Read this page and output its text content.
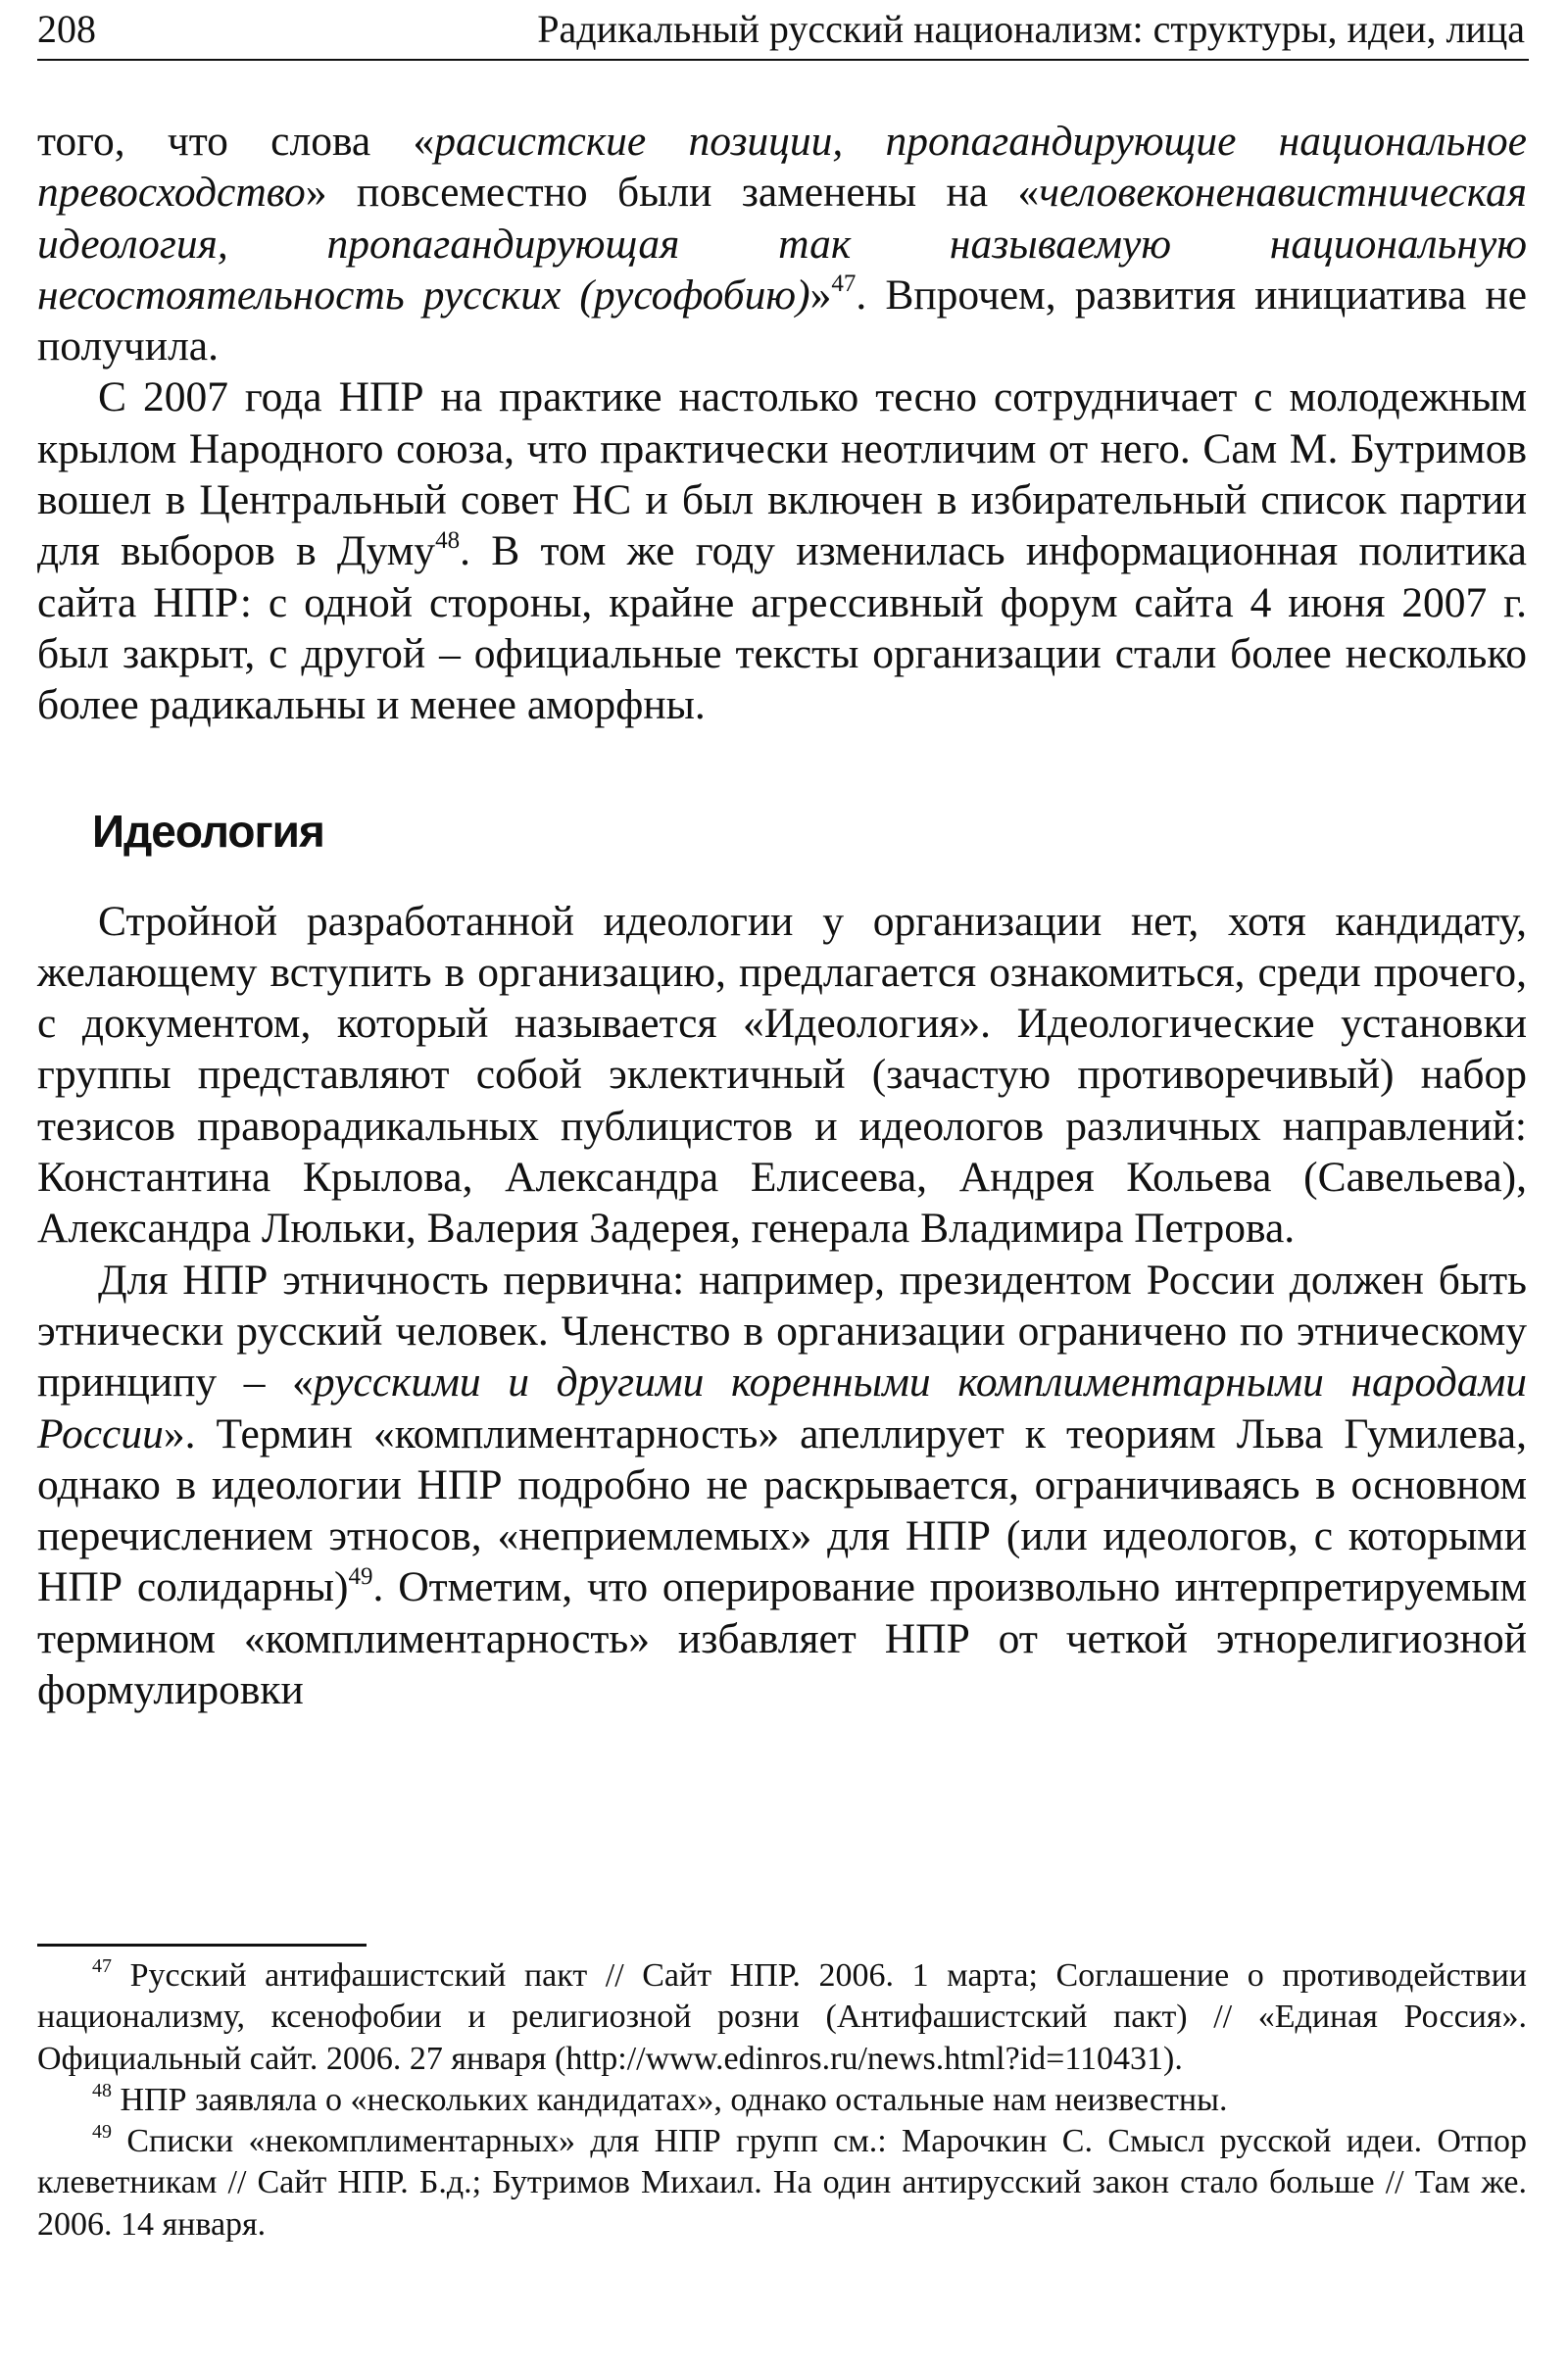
208	Радикальный русский национализм: структуры, идеи, лица

того, что слова «расистские позиции, пропагандирующие национальное превосходство» повсеместно были заменены на «человеконенавистническая идеология, пропагандирующая так называемую национальную несостоятельность русских (русофобию)»$^{47}$. Впрочем, развития инициатива не получила.

С 2007 года НПР на практике настолько тесно сотрудничает с молодежным крылом Народного союза, что практически неотличим от него. Сам М. Бутримов вошел в Центральный совет НС и был включен в избирательный список партии для выборов в Думу$^{48}$. В том же году изменилась информационная политика сайта НПР: с одной стороны, крайне агрессивный форум сайта 4 июня 2007 г. был закрыт, с другой – официальные тексты организации стали более несколько более радикальны и менее аморфны.

Идеология

Стройной разработанной идеологии у организации нет, хотя кандидату, желающему вступить в организацию, предлагается ознакомиться, среди прочего, с документом, который называется «Идеология». Идеологические установки группы представляют собой эклектичный (зачастую противоречивый) набор тезисов праворадикальных публицистов и идеологов различных направлений: Константина Крылова, Александра Елисеева, Андрея Кольева (Савельева), Александра Люльки, Валерия Задерея, генерала Владимира Петрова.

Для НПР этничность первична: например, президентом России должен быть этнически русский человек. Членство в организации ограничено по этническому принципу – «русскими и другими коренными комплиментарными народами России». Термин «комплиментарность» апеллирует к теориям Льва Гумилева, однако в идеологии НПР подробно не раскрывается, ограничиваясь в основном перечислением этносов, «неприемлемых» для НПР (или идеологов, с которыми НПР солидарны)$^{49}$. Отметим, что оперирование произвольно интерпретируемым термином «комплиментарность» избавляет НПР от четкой этнорелигиозной формулировки

$^{47}$ Русский антифашистский пакт // Сайт НПР. 2006. 1 марта; Соглашение о противодействии национализму, ксенофобии и религиозной розни (Антифашистский пакт) // «Единая Россия». Официальный сайт. 2006. 27 января (http://www.edinros.ru/news.html?id=110431).

$^{48}$ НПР заявляла о «нескольких кандидатах», однако остальные нам неизвестны.

$^{49}$ Списки «некомплиментарных» для НПР групп см.: Марочкин С. Смысл русской идеи. Отпор клеветникам // Сайт НПР. Б.д.; Бутримов Михаил. На один антирусский закон стало больше // Там же. 2006. 14 января.
